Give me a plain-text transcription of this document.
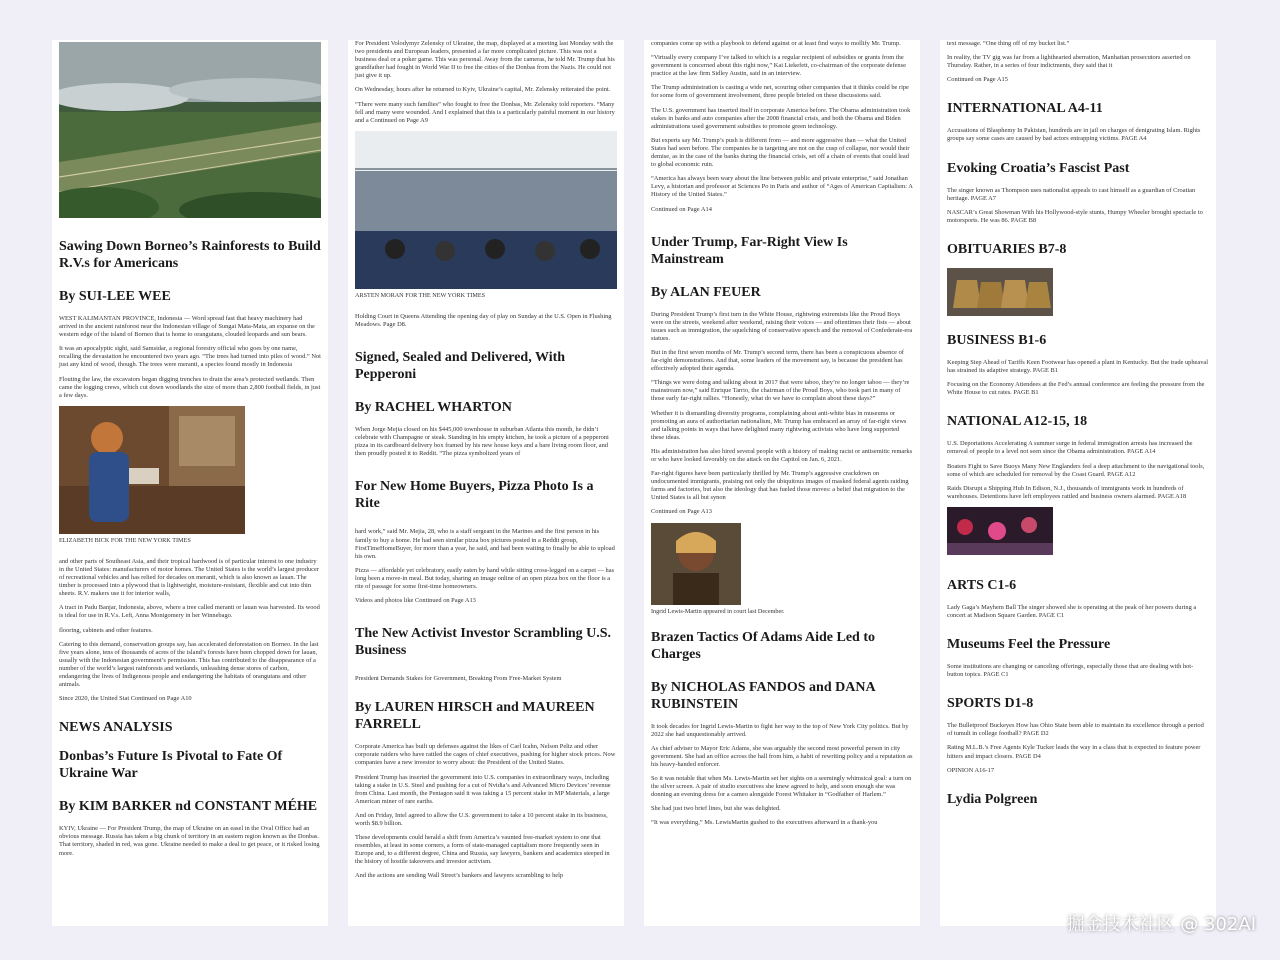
Sawing Down Borneo’s Rainforests to Build R.V.s for Americans
By SUI-LEE WEE

WEST KALIMANTAN PROVINCE, Indonesia — Word spread fast that heavy machinery had arrived in the ancient rainforest near the Indonesian village of Sungai Mata-Mata, an expanse on the western edge of the island of Borneo that is home to orangutans, clouded leopards and sun bears.

It was an apocalyptic sight, said Samsidar, a regional forestry official who goes by one name, recalling the devastation he encountered two years ago. “The trees had turned into piles of wood.” Not just any kind of wood, though. The trees were meranti, a species found mostly in Indonesia

Flouting the law, the excavators began digging trenches to drain the area’s protected wetlands. Then came the logging crews, which cut down woodlands the size of more than 2,800 football fields, in just a few days.

ELIZABETH BICK FOR THE NEW YORK TIMES

and other parts of Southeast Asia, and their tropical hardwood is of particular interest to one industry in the United States: manufacturers of motor homes. The United States is the world’s largest producer of recreational vehicles and has relied for decades on meranti, which is also known as lauan. The timber is processed into a plywood that is lightweight, moisture-resistant, flexible and cut into thin sheets. R.V. makers use it for interior walls,

A tract in Padu Banjar, Indonesia, above, where a tree called meranti or lauan was harvested. Its wood is ideal for use in R.V.s. Left, Anna Montgomery in her Winnebago.

flooring, cabinets and other features.

Catering to this demand, conservation groups say, has accelerated deforestation on Borneo. In the last five years alone, tens of thousands of acres of the island’s forests have been chopped down for lauan, usually with the Indonesian government’s permission. This has contributed to the disappearance of a number of the world’s largest rainforests and wetlands, unleashing dense stores of carbon, endangering the lives of Indigenous people and endangering the habitats of orangutans and other animals.

Since 2020, the United Stat Continued on Page A10

NEWS ANALYSIS
Donbas’s Future Is Pivotal to Fate Of Ukraine War
By KIM BARKER nd CONSTANT MÉHE

KYIV, Ukraine — For President Trump, the map of Ukraine on an easel in the Oval Office had an obvious message. Russia has taken a big chunk of territory in an eastern region known as the Donbas. That territory, shaded in red, was gone. Ukraine needed to make a deal to get peace, or it risked losing more.

For President Volodymyr Zelensky of Ukraine, the map, displayed at a meeting last Monday with the two presidents and European leaders, presented a far more complicated picture. This was not a business deal or a poker game. This was personal. Away from the cameras, he told Mr. Trump that his grandfather had fought in World War II to free the cities of the Donbas from the Nazis. He could not just give it up.

On Wednesday, hours after he returned to Kyiv, Ukraine’s capital, Mr. Zelensky reiterated the point.

“There were many such families” who fought to free the Donbas, Mr. Zelensky told reporters. “Many fell and many were wounded. And I explained that this is a particularly painful moment in our history and a Continued on Page A9

ARSTEN MORAN FOR THE NEW YORK TIMES

Holding Court in Queens Attending the opening day of play on Sunday at the U.S. Open in Flushing Meadows. Page D8.

Signed, Sealed and Delivered, With Pepperoni
By RACHEL WHARTON

When Jorge Mejia closed on his $445,000 townhouse in suburban Atlanta this month, he didn’t celebrate with Champagne or steak. Standing in his empty kitchen, he took a picture of a pepperoni pizza in its cardboard delivery box framed by his new house keys and a bare living room floor, and then proudly posted it to Reddit. “The pizza symbolized years of

For New Home Buyers, Pizza Photo Is a Rite

hard work,” said Mr. Mejia, 28, who is a staff sergeant in the Marines and the first person in his family to buy a home. He had seen similar pizza box pictures posted in a Reddit group, FirstTimeHomeBuyer, for more than a year, he said, and had been waiting to finally be able to upload his own.

Pizza — affordable yet celebratory, easily eaten by hand while sitting cross-legged on a carpet — has long been a move-in meal. But today, sharing an image online of an open pizza box on the floor is a rite of passage for some first-time homeowners.

Videos and photos like Continued on Page A13

The New Activist Investor Scrambling U.S. Business

President Demands Stakes for Government, Breaking From Free-Market System

By LAUREN HIRSCH and MAUREEN FARRELL

Corporate America has built up defenses against the likes of Carl Icahn, Nelson Peltz and other corporate raiders who have rattled the cages of chief executives, pushing for higher stock prices. Now companies have a new investor to worry about: the President of the United States.

President Trump has inserted the government into U.S. companies in extraordinary ways, including taking a stake in U.S. Steel and pushing for a cut of Nvidia’s and Advanced Micro Devices’ revenue from China. Last month, the Pentagon said it was taking a 15 percent stake in MP Materials, a large American miner of rare earths.

And on Friday, Intel agreed to allow the U.S. government to take a 10 percent stake in its business, worth $8.9 billion.

These developments could herald a shift from America’s vaunted free-market system to one that resembles, at least in some corners, a form of state-managed capitalism more frequently seen in Europe and, to a different degree, China and Russia, say lawyers, bankers and academics steeped in the history of hostile takeovers and investor activism.

And the actions are sending Wall Street’s bankers and lawyers scrambling to help

companies come up with a playbook to defend against or at least find ways to mollify Mr. Trump.

“Virtually every company I’ve talked to which is a regular recipient of subsidies or grants from the government is concerned about this right now,” Kai Liekefett, co-chairman of the corporate defense practice at the law firm Sidley Austin, said in an interview.

The Trump administration is casting a wide net, scouring other companies that it thinks could be ripe for some form of government involvement, three people briefed on these discussions said.

The U.S. government has inserted itself in corporate America before. The Obama administration took stakes in banks and auto companies after the 2008 financial crisis, and both the Obama and Biden administrations used government subsidies to promote green technology.

But experts say Mr. Trump’s push is different from — and more aggressive than — what the United States had seen before. The companies he is targeting are not on the cusp of collapse, nor would their demise, as in the case of the banks during the financial crisis, set off a chain of events that could lead to global economic ruin.

“America has always been wary about the line between public and private enterprise,” said Jonathan Levy, a historian and professor at Sciences Po in Paris and author of “Ages of American Capitalism: A History of the United States.”

Continued on Page A14

Under Trump, Far-Right View Is Mainstream
By ALAN FEUER

During President Trump’s first turn in the White House, rightwing extremists like the Proud Boys were on the streets, weekend after weekend, raising their voices — and oftentimes their fists — about issues such as immigration, the squelching of conservative speech and the removal of Confederate-era statues.

But in the first seven months of Mr. Trump’s second term, there has been a conspicuous absence of far-right demonstrations. And that, some leaders of the movement say, is because the president has effectively adopted their agenda.

“Things we were doing and talking about in 2017 that were taboo, they’re no longer taboo — they’re mainstream now,” said Enrique Tarrio, the chairman of the Proud Boys, who took part in many of those early far-right rallies. “Honestly, what do we have to complain about these days?”

Whether it is dismantling diversity programs, complaining about anti-white bias in museums or promoting an aura of authoritarian nationalism, Mr. Trump has embraced an array of far-right views and talking points in ways that have delighted many rightwing activists who have long supported these ideas.

His administration has also hired several people with a history of making racist or antisemitic remarks or who have looked favorably on the attack on the Capitol on Jan. 6, 2021.

Far-right figures have been particularly thrilled by Mr. Trump’s aggressive crackdown on undocumented immigrants, praising not only the ubiquitous images of masked federal agents raiding farms and factories, but also the ideology that has fueled those moves: a belief that migration to the United States is all but synon

Continued on Page A13

Ingrid Lewis-Martin appeared in court last December.
Brazen Tactics Of Adams Aide Led to Charges
By NICHOLAS FANDOS and DANA RUBINSTEIN

It took decades for Ingrid Lewis-Martin to fight her way to the top of New York City politics. But by 2022 she had unquestionably arrived.

As chief adviser to Mayor Eric Adams, she was arguably the second most powerful person in city government. She had an office across the hall from him, a habit of rewriting policy and a reputation as his heavy-handed enforcer.

So it was notable that when Ms. Lewis-Martin set her sights on a seemingly whimsical goal: a turn on the silver screen. A pair of studio executives she knew agreed to help, and soon enough she was donning an evening dress for a cameo alongside Forest Whitaker in “Godfather of Harlem.”

She had just two brief lines, but she was delighted.

“It was everything,” Ms. LewisMartin gushed to the executives afterward in a thank-you

text message. “One thing off of my bucket list.”

In reality, the TV gig was far from a lighthearted aberration, Manhattan prosecutors asserted on Thursday. Rather, in a series of four indictments, they said that it

Continued on Page A15

INTERNATIONAL A4-11

Accusations of Blasphemy In Pakistan, hundreds are in jail on charges of denigrating Islam. Rights groups say some cases are caused by bad actors entrapping victims. PAGE A4

Evoking Croatia’s Fascist Past

The singer known as Thompson uses nationalist appeals to cast himself as a guardian of Croatian heritage. PAGE A7

NASCAR’s Great Showman With his Hollywood-style stunts, Humpy Wheeler brought spectacle to motorsports. He was 86. PAGE B8

OBITUARIES B7-8
BUSINESS B1-6

Keeping Step Ahead of Tariffs Keen Footwear has opened a plant in Kentucky. But the trade upheaval has strained its adaptive strategy. PAGE B1

Focusing on the Economy Attendees at the Fed’s annual conference are feeling the pressure from the White House to cut rates. PAGE B1

NATIONAL A12-15, 18

U.S. Deportations Accelerating A summer surge in federal immigration arrests has increased the removal of people to a level not seen since the Obama administration. PAGE A14

Boaters Fight to Save Buoys Many New Englanders feel a deep attachment to the navigational tools, some of which are scheduled for removal by the Coast Guard. PAGE A12

Raids Disrupt a Shipping Hub In Edison, N.J., thousands of immigrants work in hundreds of warehouses. Detentions have left employees rattled and business owners alarmed. PAGE A18

ARTS C1-6

Lady Gaga’s Mayhem Ball The singer showed she is operating at the peak of her powers during a concert at Madison Square Garden. PAGE C1

Museums Feel the Pressure

Some institutions are changing or canceling offerings, especially those that are dealing with hot-button topics. PAGE C1

SPORTS D1-8

The Bulletproof Buckeyes How has Ohio State been able to maintain its excellence through a period of tumult in college football? PAGE D2

Rating M.L.B.’s Free Agents Kyle Tucker leads the way in a class that is expected to feature power hitters and impact closers. PAGE D4

OPINION A16-17

Lydia Polgreen
掘金技术社区 @ 302AI
